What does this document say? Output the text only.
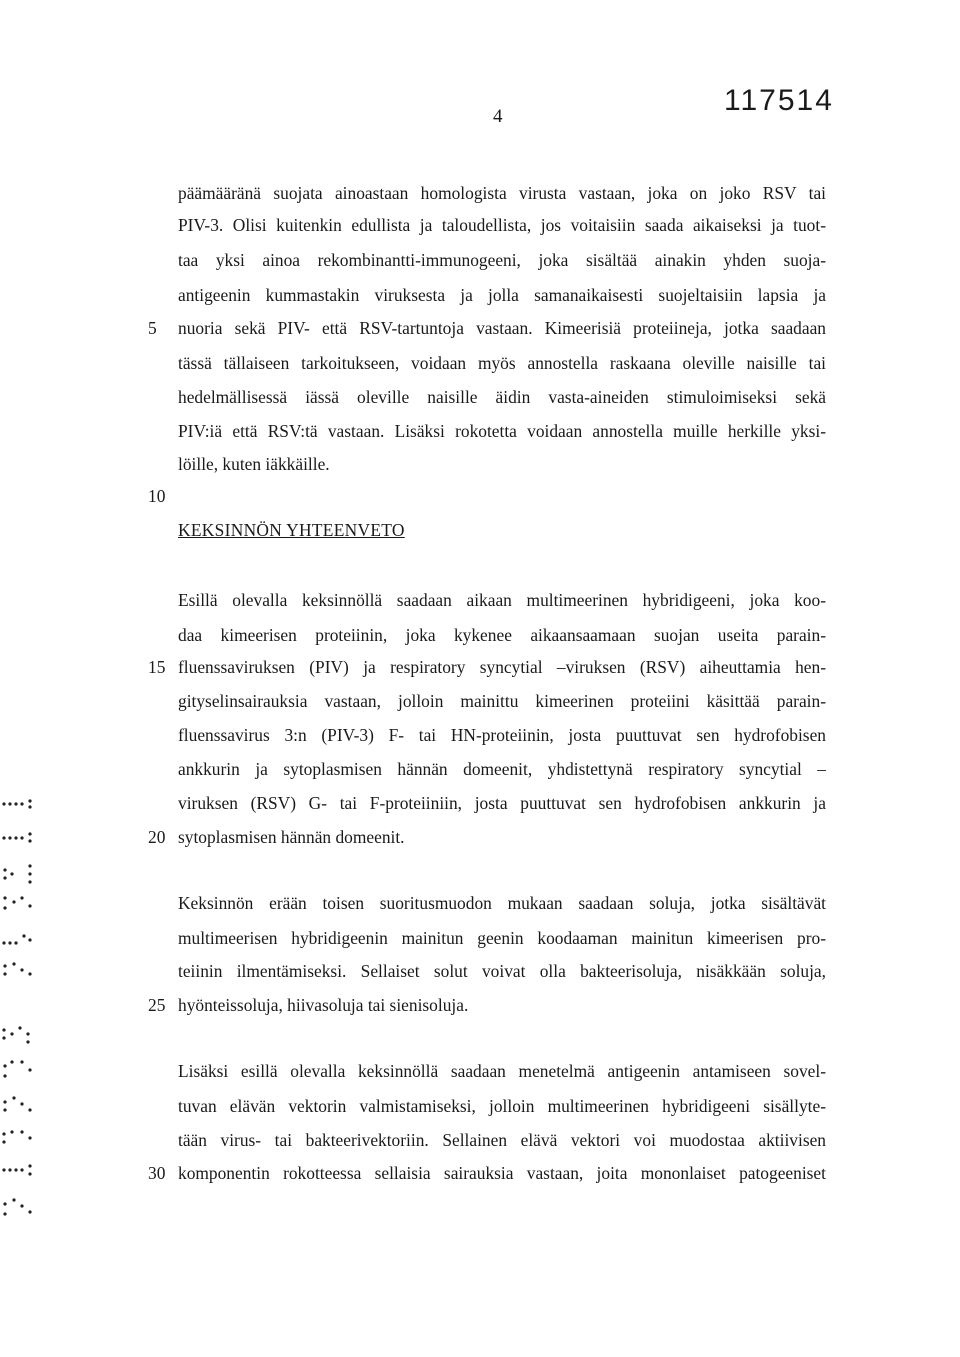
4	117514
päämääränä suojata ainoastaan homologista virusta vastaan, joka on joko RSV tai
PIV-3. Olisi kuitenkin edullista ja taloudellista, jos voitaisiin saada aikaiseksi ja tuot-
taa yksi ainoa rekombinantti-immunogeeni, joka sisältää ainakin yhden suoja-
antigeenin kummastakin viruksesta ja jolla samanaikaisesti suojeltaisiin lapsia ja
nuoria sekä PIV- että RSV-tartuntoja vastaan. Kimeerisiä proteiineja, jotka saadaan
tässä tällaiseen tarkoitukseen, voidaan myös annostella raskaana oleville naisille tai
hedelmällisessä iässä oleville naisille äidin vasta-aineiden stimuloimiseksi sekä
PIV:iä että RSV:tä vastaan. Lisäksi rokotetta voidaan annostella muille herkille yksi-
löille, kuten iäkkäille.
KEKSINNÖN YHTEENVETO
Esillä olevalla keksinnöllä saadaan aikaan multimeerinen hybridigeeni, joka koo-
daa kimeerisen proteiinin, joka kykenee aikaansaamaan suojan useita parain-
fluenssaviruksen (PIV) ja respiratory syncytial –viruksen (RSV) aiheuttamia hen-
gityselinsairauksia vastaan, jolloin mainittu kimeerinen proteiini käsittää parain-
fluenssavirus 3:n (PIV-3) F- tai HN-proteiinin, josta puuttuvat sen hydrofobisen
ankkurin ja sytoplasmisen hännän domeenit, yhdistettynä respiratory syncytial –
viruksen (RSV) G- tai F-proteiiniin, josta puuttuvat sen hydrofobisen ankkurin ja
sytoplasmisen hännän domeenit.
Keksinnön erään toisen suoritusmuodon mukaan saadaan soluja, jotka sisältävät
multimeerisen hybridigeenin mainitun geenin koodaaman mainitun kimeerisen pro-
teiinin ilmentämiseksi. Sellaiset solut voivat olla bakteerisoluja, nisäkkään soluja,
hyönteissoluja, hiivasoluja tai sienisoluja.
Lisäksi esillä olevalla keksinnöllä saadaan menetelmä antigeenin antamiseen sovel-
tuvan elävän vektorin valmistamiseksi, jolloin multimeerinen hybridigeeni sisällyte-
tään virus- tai bakteerivektoriin. Sellainen elävä vektori voi muodostaa aktiivisen
komponentin rokotteessa sellaisia sairauksia vastaan, joita mononlaiset patogeeniset
5
10
15
20
25
30
